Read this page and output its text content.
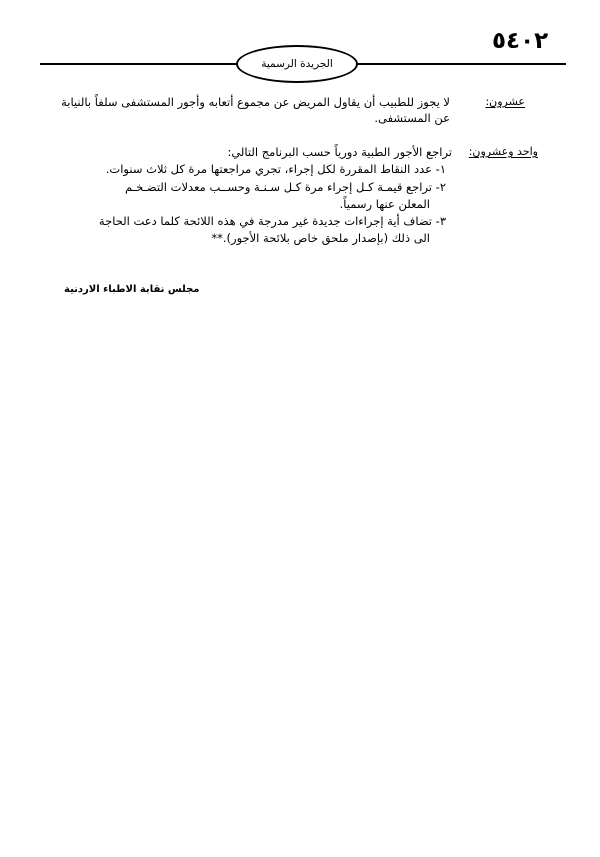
٥٤٠٢
الجريدة الرسمية
عشرون:
لا يجوز للطبيب أن يقاول المريض عن مجموع أتعابه وأجور المستشفى سلفاً بالنيابة
عن المستشفى.
واحد وعشرون:
تراجع الأجور الطبية دورياً حسب البرنامج التالي:
١- عدد النقاط المقررة لكل إجراء، تجري مراجعتها مرة كل ثلاث سنوات.
٢- تراجع قيمـة كـل إجراء مرة كـل سـنـة وحســب معدلات التضـخـم
المعلن عنها رسمياً.
٣- تضاف أية إجراءات جديدة غير مدرجة في هذه اللائحة كلما دعت الحاجة
الى ذلك (بإصدار ملحق خاص بلائحة الأجور).**
مجلس نقابة الاطباء الاردنية
